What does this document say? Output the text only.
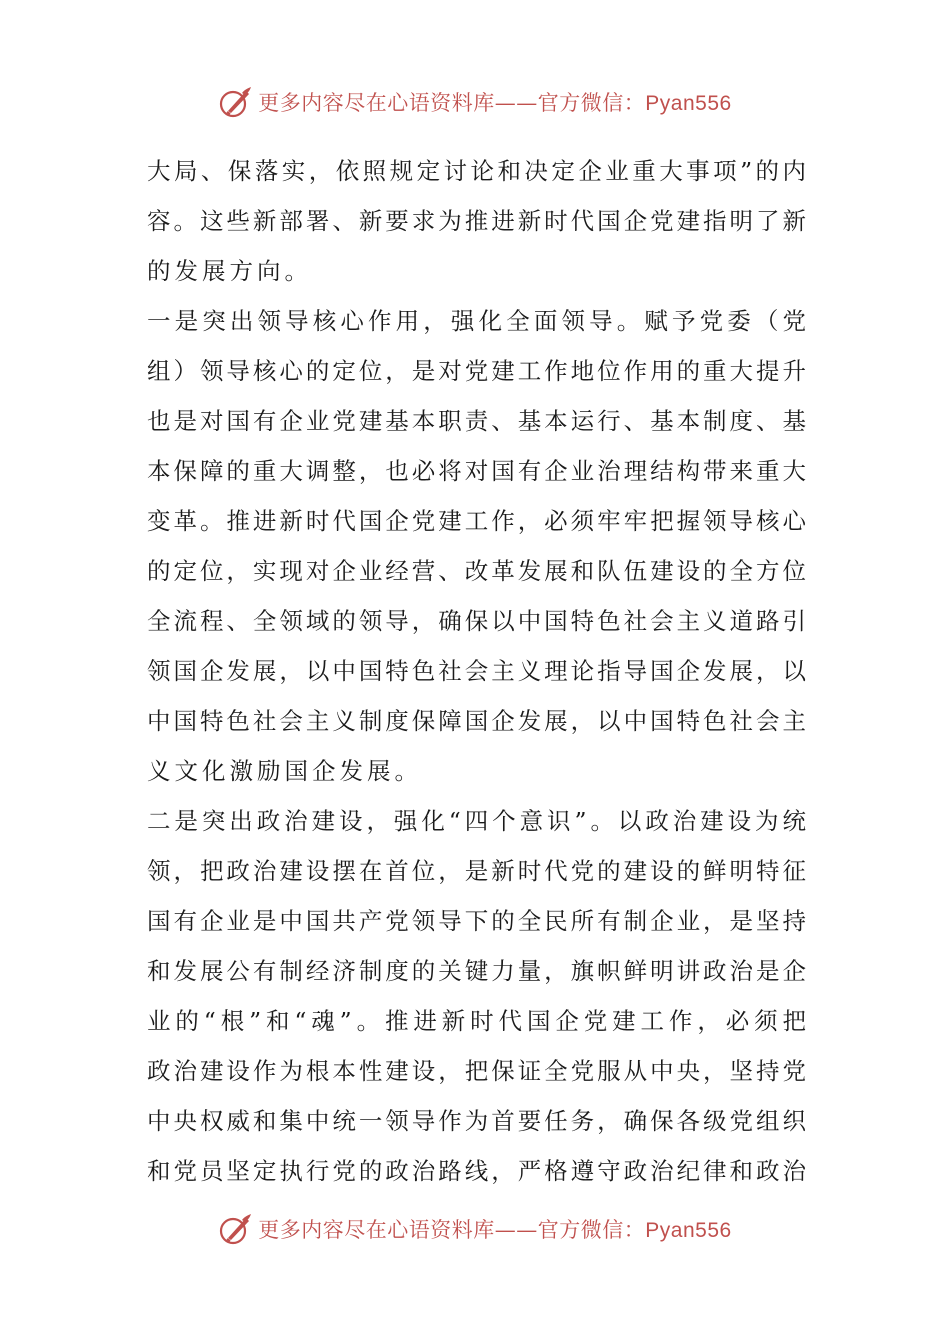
更多内容尽在心语资料库——官方微信：Pyan556
大局、保落实，依照规定讨论和决定企业重大事项”的内
容。这些新部署、新要求为推进新时代国企党建指明了新
的发展方向。
一是突出领导核心作用，强化全面领导。赋予党委（党
组）领导核心的定位，是对党建工作地位作用的重大提升
也是对国有企业党建基本职责、基本运行、基本制度、基
本保障的重大调整，也必将对国有企业治理结构带来重大
变革。推进新时代国企党建工作，必须牢牢把握领导核心
的定位，实现对企业经营、改革发展和队伍建设的全方位
全流程、全领域的领导，确保以中国特色社会主义道路引
领国企发展，以中国特色社会主义理论指导国企发展，以
中国特色社会主义制度保障国企发展，以中国特色社会主
义文化激励国企发展。
二是突出政治建设，强化“四个意识”。以政治建设为统
领，把政治建设摆在首位，是新时代党的建设的鲜明特征
国有企业是中国共产党领导下的全民所有制企业，是坚持
和发展公有制经济制度的关键力量，旗帜鲜明讲政治是企
业的“根”和“魂”。推进新时代国企党建工作，必须把
政治建设作为根本性建设，把保证全党服从中央，坚持党
中央权威和集中统一领导作为首要任务，确保各级党组织
和党员坚定执行党的政治路线，严格遵守政治纪律和政治
更多内容尽在心语资料库——官方微信：Pyan556
